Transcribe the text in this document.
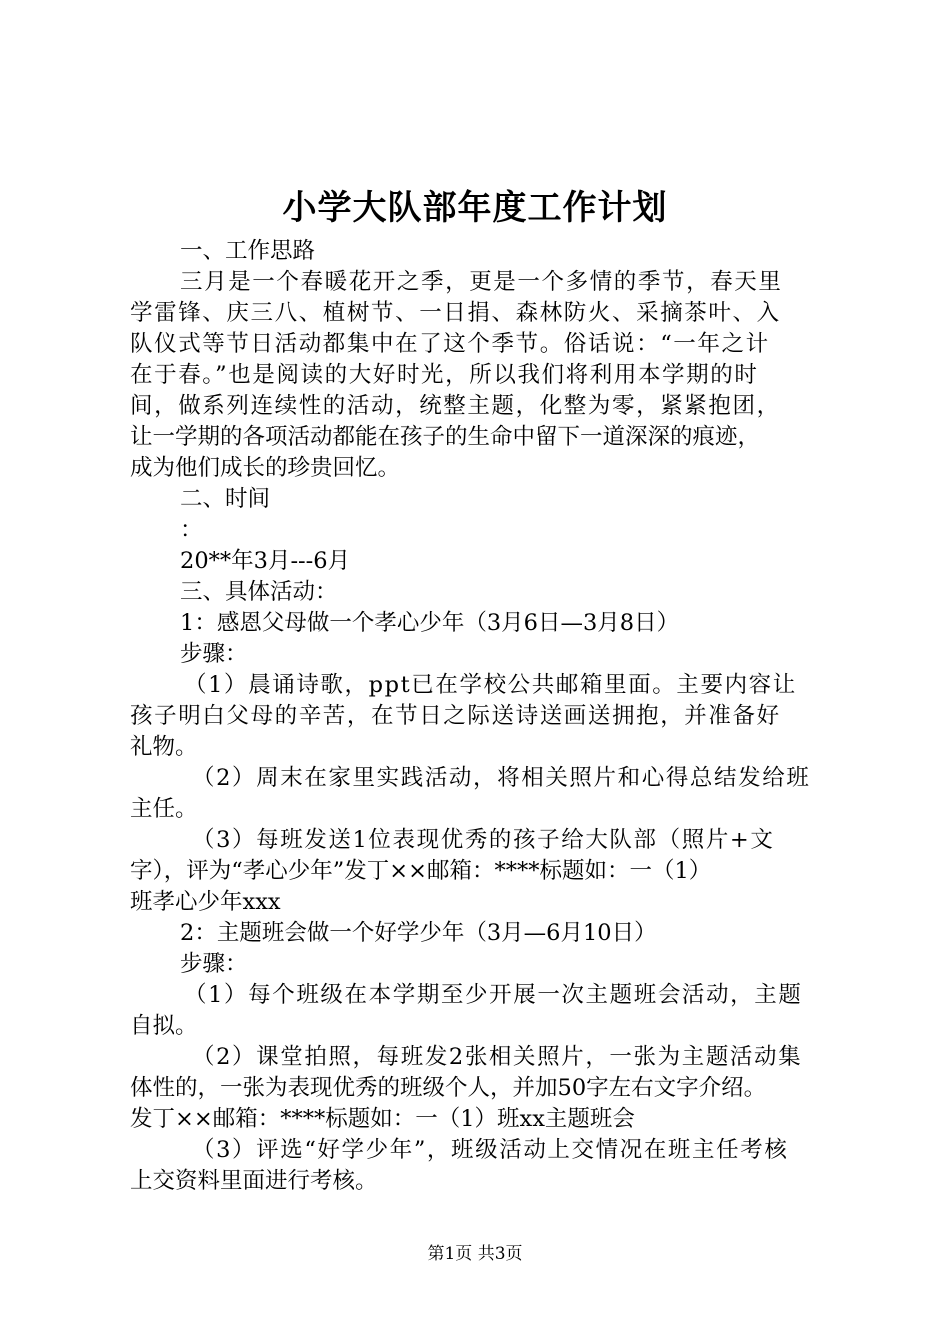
小学大队部年度工作计划

一、工作思路

三月是一个春暖花开之季，更是一个多情的季节，春天里

学雷锋、庆三八、植树节、一日捐、森林防火、采摘茶叶、入

队仪式等节日活动都集中在了这个季节。俗话说：“一年之计

在于春。”也是阅读的大好时光，所以我们将利用本学期的时

间，做系列连续性的活动，统整主题，化整为零，紧紧抱团，

让一学期的各项活动都能在孩子的生命中留下一道深深的痕迹，

成为他们成长的珍贵回忆。

二、时间

：

20**年3月---6月

三、具体活动：

1：感恩父母做一个孝心少年（3月6日—3月8日）

步骤：

（1）晨诵诗歌，ppt已在学校公共邮箱里面。主要内容让

孩子明白父母的辛苦，在节日之际送诗送画送拥抱，并准备好

礼物。

（2）周末在家里实践活动，将相关照片和心得总结发给班

主任。

（3）每班发送1位表现优秀的孩子给大队部（照片+文

字），评为“孝心少年”发丁××邮箱：****标题如：一（1）

班孝心少年xxx

2：主题班会做一个好学少年（3月—6月10日）

步骤：

（1）每个班级在本学期至少开展一次主题班会活动，主题

自拟。

（2）课堂拍照，每班发2张相关照片，一张为主题活动集

体性的，一张为表现优秀的班级个人，并加50字左右文字介绍。

发丁××邮箱：****标题如：一（1）班xx主题班会

（3）评选“好学少年”，班级活动上交情况在班主任考核

上交资料里面进行考核。

第1页 共3页
